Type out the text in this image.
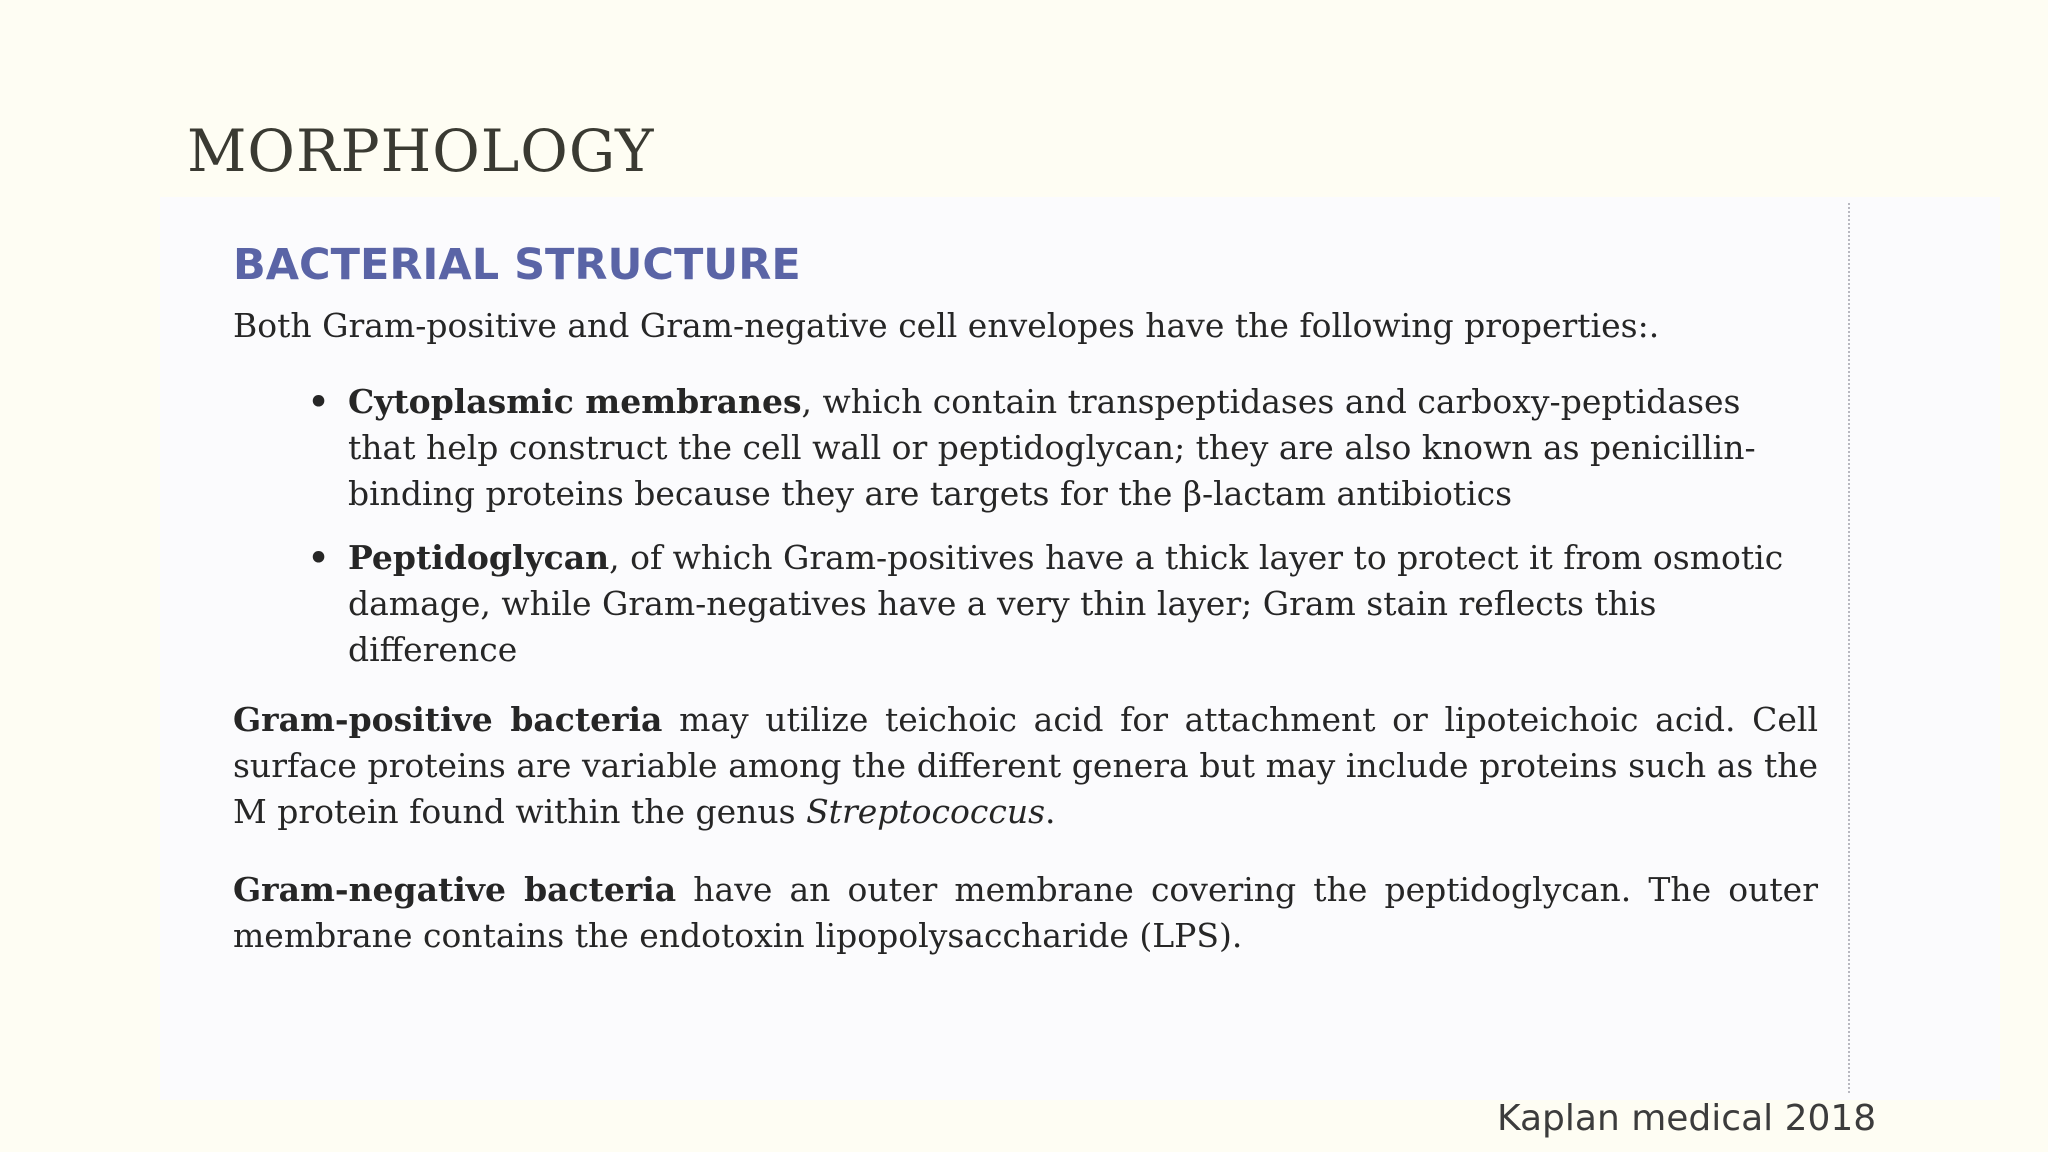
MORPHOLOGY
BACTERIAL STRUCTURE

Both Gram-positive and Gram-negative cell envelopes have the following properties:.

• Cytoplasmic membranes, which contain transpeptidases and carboxy-peptidases that help construct the cell wall or peptidoglycan; they are also known as penicillin-binding proteins because they are targets for the β-lactam antibiotics
• Peptidoglycan, of which Gram-positives have a thick layer to protect it from osmotic damage, while Gram-negatives have a very thin layer; Gram stain reflects this difference

Gram-positive bacteria may utilize teichoic acid for attachment or lipoteichoic acid. Cell surface proteins are variable among the different genera but may include proteins such as the M protein found within the genus Streptococcus.

Gram-negative bacteria have an outer membrane covering the peptidoglycan. The outer membrane contains the endotoxin lipopolysaccharide (LPS).

Kaplan medical 2018
